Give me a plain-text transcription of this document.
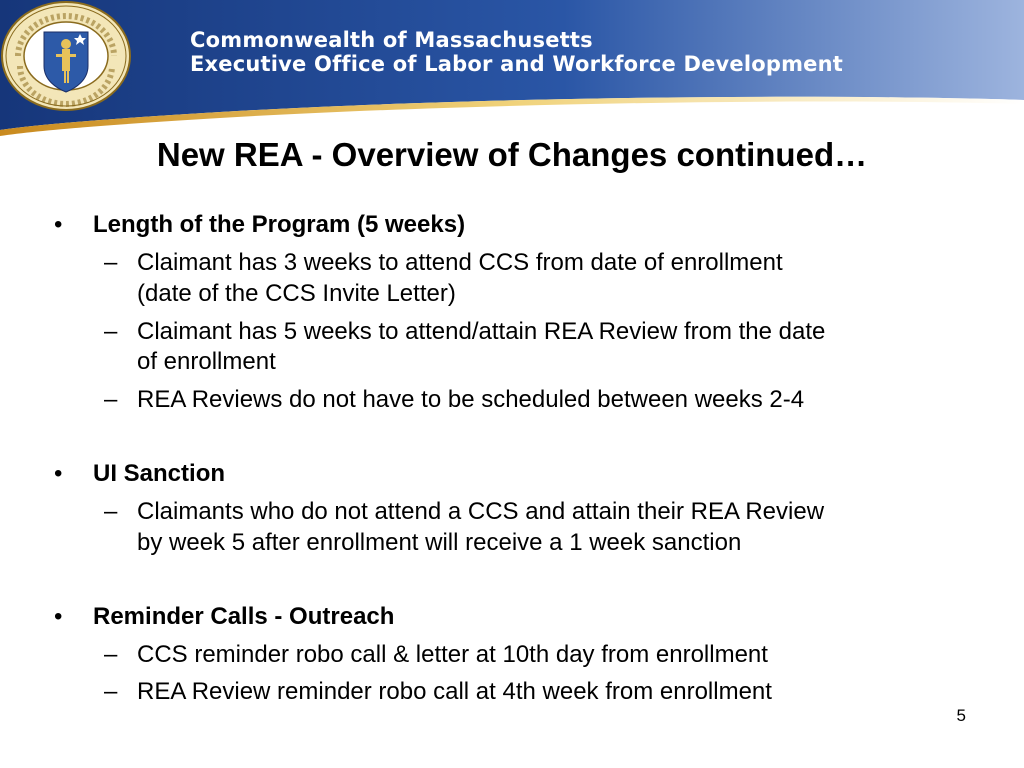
Commonwealth of Massachusetts
Executive Office of Labor and Workforce Development
New REA - Overview of Changes continued…
• Length of the Program (5 weeks)
– Claimant has 3 weeks to attend CCS from date of enrollment
(date of the CCS Invite Letter)
– Claimant has 5 weeks to attend/attain REA Review from the date
of enrollment
– REA Reviews do not have to be scheduled between weeks 2-4
• UI Sanction
– Claimants who do not attend a CCS and attain their REA Review
by week 5 after enrollment will receive a 1 week sanction
• Reminder Calls - Outreach
– CCS reminder robo call & letter at 10th day from enrollment
– REA Review reminder robo call at 4th week from enrollment
5
